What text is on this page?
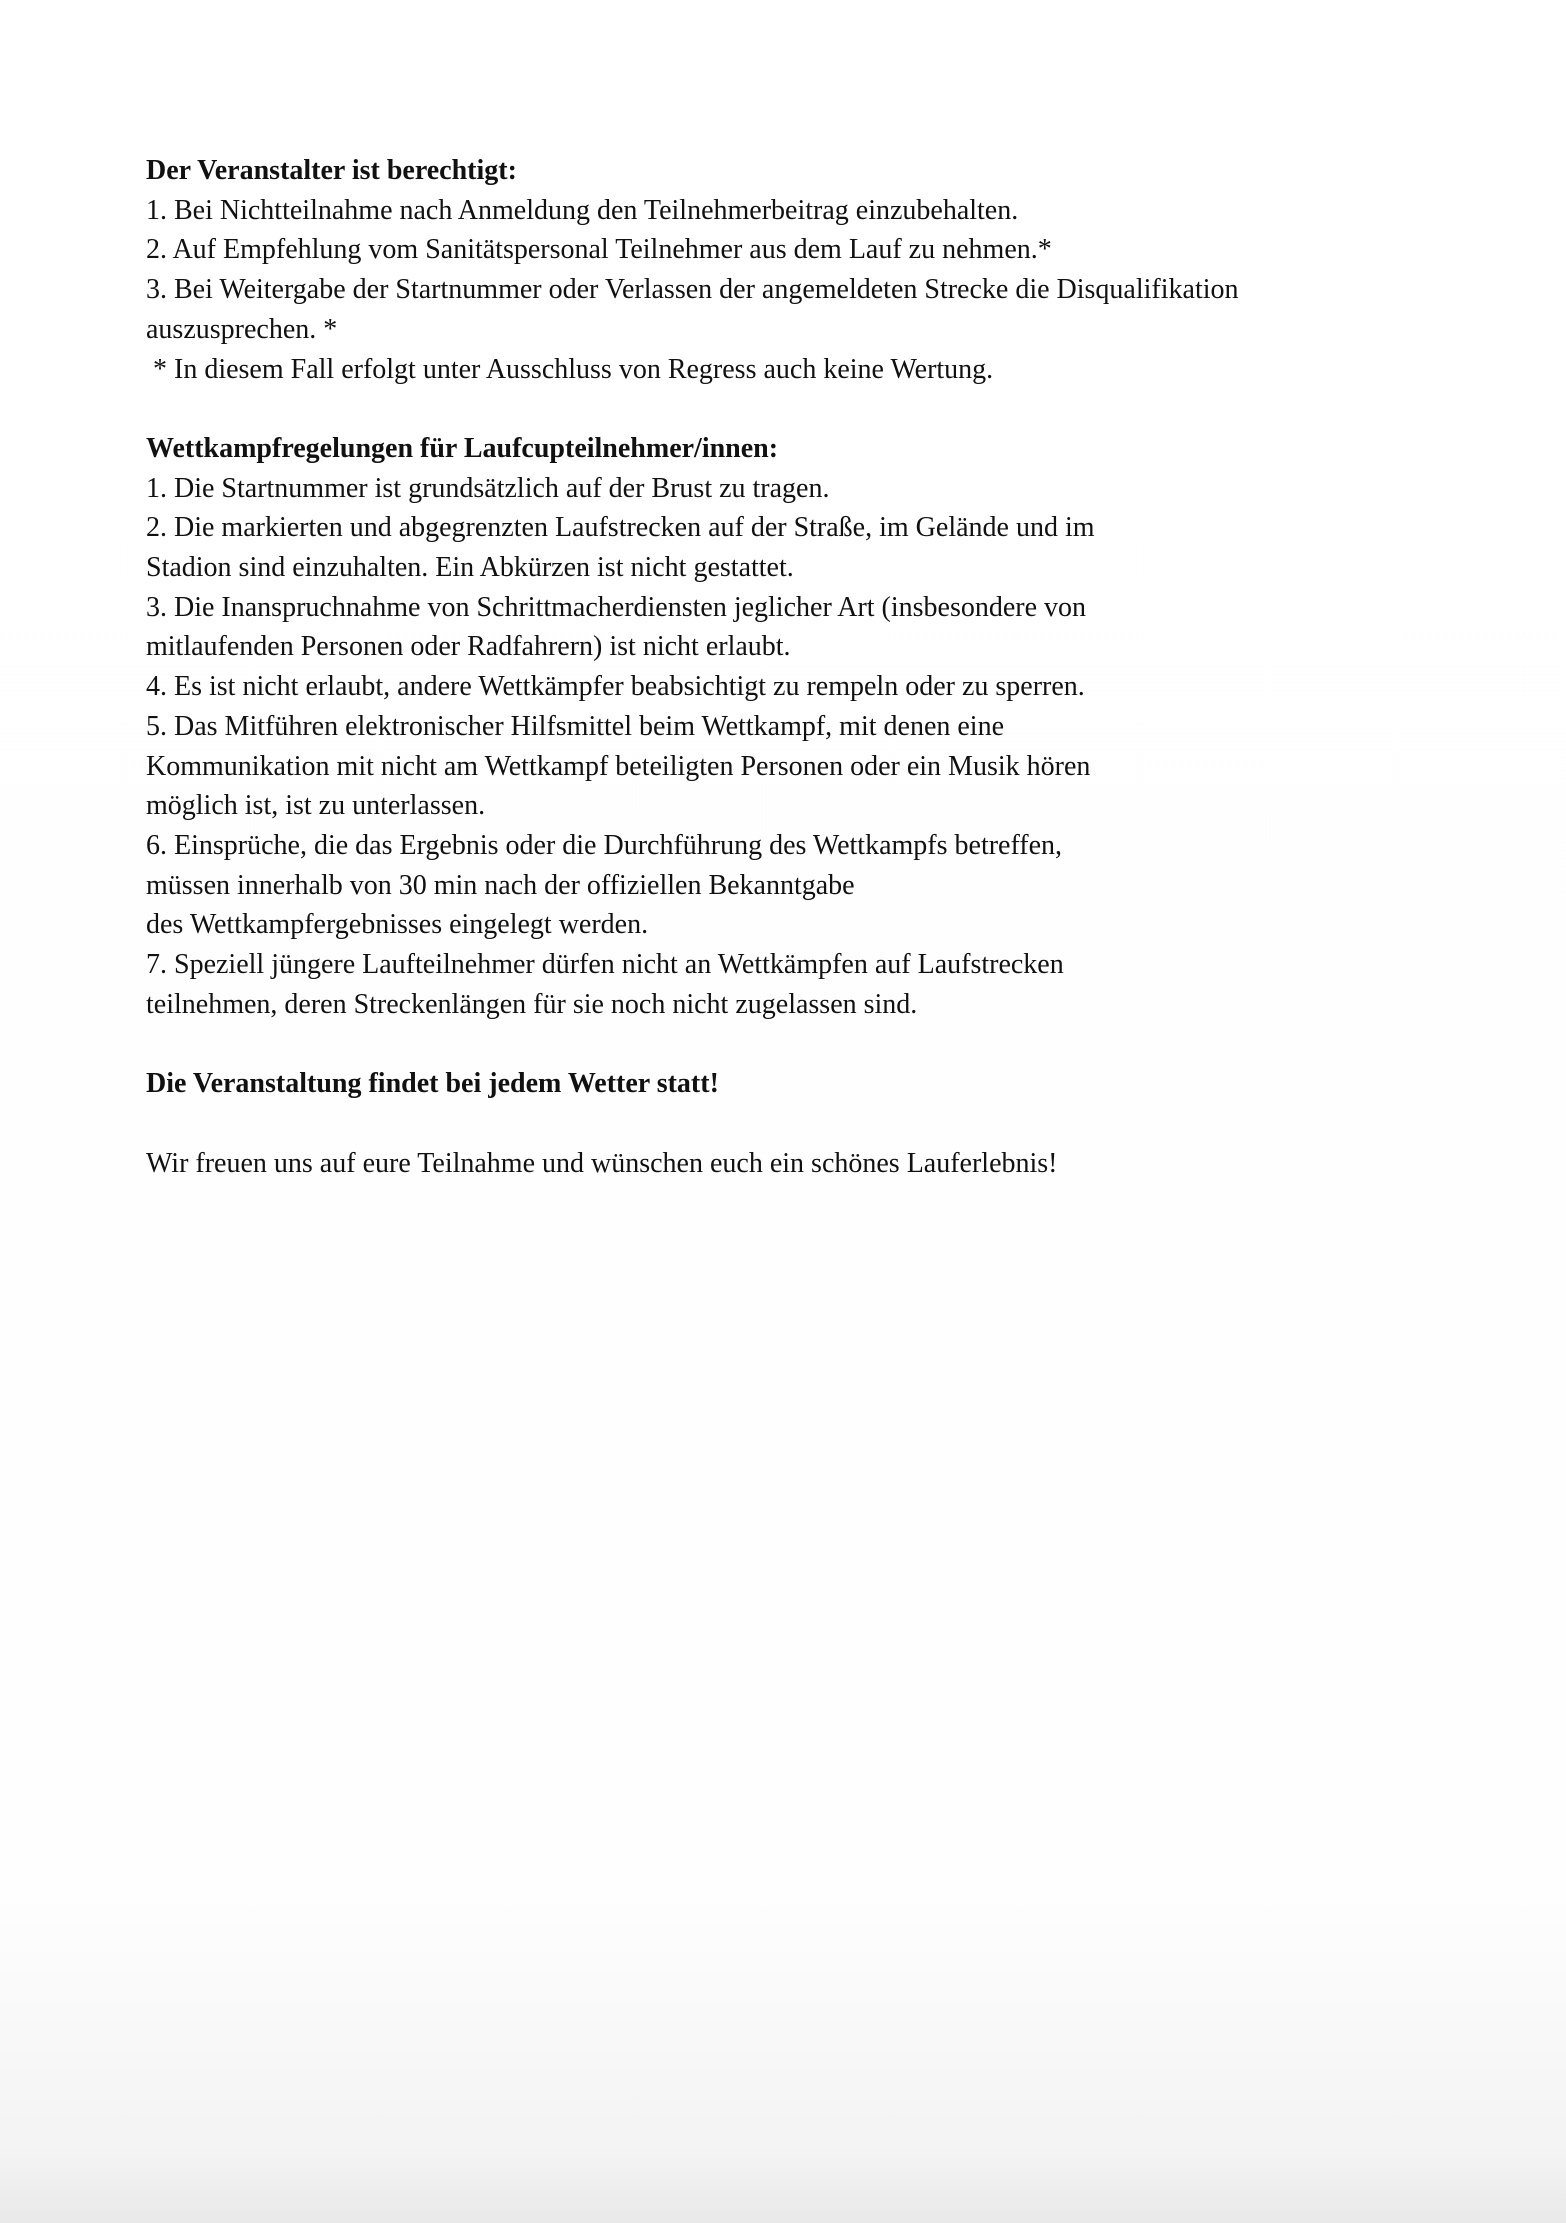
Der Veranstalter ist berechtigt:
1. Bei Nichtteilnahme nach Anmeldung den Teilnehmerbeitrag einzubehalten.
2. Auf Empfehlung vom Sanitätspersonal Teilnehmer aus dem Lauf zu nehmen.*
3. Bei Weitergabe der Startnummer oder Verlassen der angemeldeten Strecke die Disqualifikation
auszusprechen. *
* In diesem Fall erfolgt unter Ausschluss von Regress auch keine Wertung.
Wettkampfregelungen für Laufcupteilnehmer/innen:
1. Die Startnummer ist grundsätzlich auf der Brust zu tragen.
2. Die markierten und abgegrenzten Laufstrecken auf der Straße, im Gelände und im
Stadion sind einzuhalten. Ein Abkürzen ist nicht gestattet.
3. Die Inanspruchnahme von Schrittmacherdiensten jeglicher Art (insbesondere von
mitlaufenden Personen oder Radfahrern) ist nicht erlaubt.
4. Es ist nicht erlaubt, andere Wettkämpfer beabsichtigt zu rempeln oder zu sperren.
5. Das Mitführen elektronischer Hilfsmittel beim Wettkampf, mit denen eine
Kommunikation mit nicht am Wettkampf beteiligten Personen oder ein Musik hören
möglich ist, ist zu unterlassen.
6. Einsprüche, die das Ergebnis oder die Durchführung des Wettkampfs betreffen,
müssen innerhalb von 30 min nach der offiziellen Bekanntgabe
des Wettkampfergebnisses eingelegt werden.
7. Speziell jüngere Laufteilnehmer dürfen nicht an Wettkämpfen auf Laufstrecken
teilnehmen, deren Streckenlängen für sie noch nicht zugelassen sind.
Die Veranstaltung findet bei jedem Wetter statt!
Wir freuen uns auf eure Teilnahme und wünschen euch ein schönes Lauferlebnis!
